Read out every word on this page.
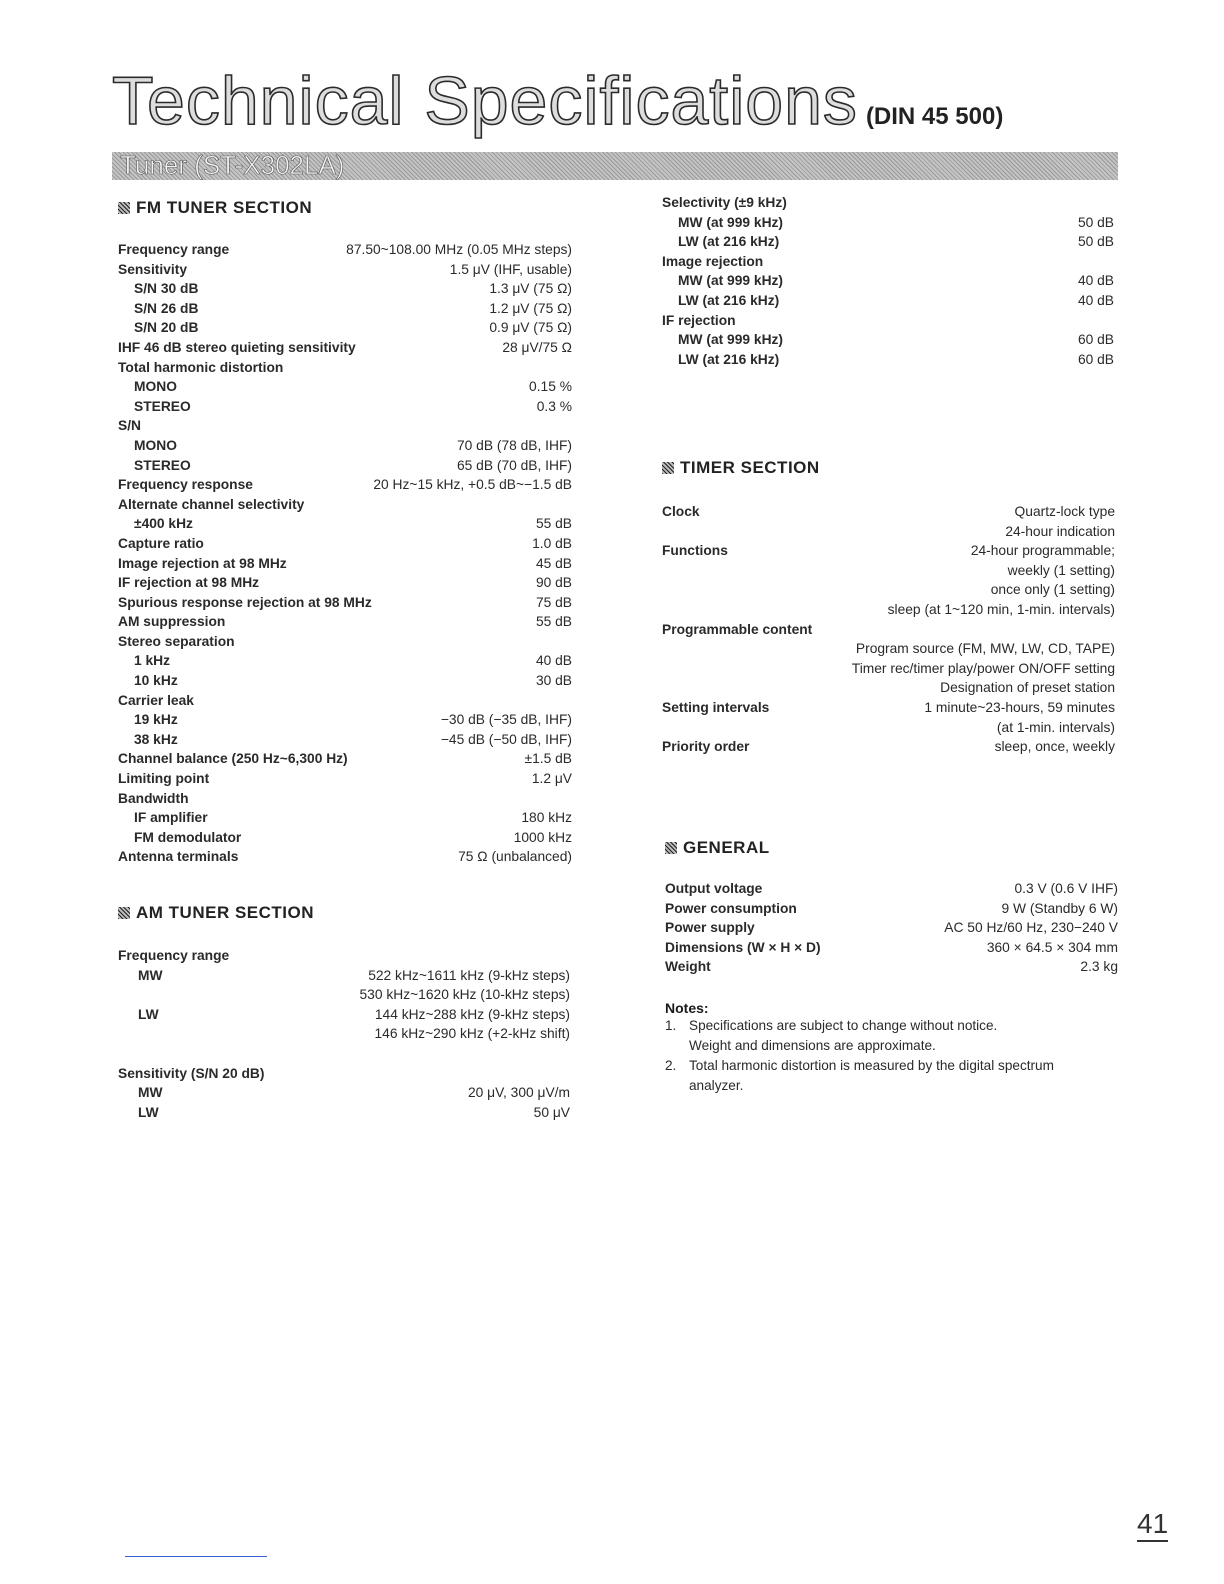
Technical Specifications (DIN 45 500)
Tuner (ST-X302LA)
FM TUNER SECTION
Frequency range	87.50~108.00 MHz (0.05 MHz steps)
Sensitivity	1.5 μV (IHF, usable)
S/N 30 dB	1.3 μV (75 Ω)
S/N 26 dB	1.2 μV (75 Ω)
S/N 20 dB	0.9 μV (75 Ω)
IHF 46 dB stereo quieting sensitivity	28 μV/75 Ω
Total harmonic distortion
MONO	0.15 %
STEREO	0.3 %
S/N
MONO	70 dB (78 dB, IHF)
STEREO	65 dB (70 dB, IHF)
Frequency response	20 Hz~15 kHz, +0.5 dB~−1.5 dB
Alternate channel selectivity
±400 kHz	55 dB
Capture ratio	1.0 dB
Image rejection at 98 MHz	45 dB
IF rejection at 98 MHz	90 dB
Spurious response rejection at 98 MHz	75 dB
AM suppression	55 dB
Stereo separation
1 kHz	40 dB
10 kHz	30 dB
Carrier leak
19 kHz	−30 dB (−35 dB, IHF)
38 kHz	−45 dB (−50 dB, IHF)
Channel balance (250 Hz~6,300 Hz)	±1.5 dB
Limiting point	1.2 μV
Bandwidth
IF amplifier	180 kHz
FM demodulator	1000 kHz
Antenna terminals	75 Ω (unbalanced)
AM TUNER SECTION
Frequency range
MW	522 kHz~1611 kHz (9-kHz steps)
530 kHz~1620 kHz (10-kHz steps)
LW	144 kHz~288 kHz (9-kHz steps)
146 kHz~290 kHz (+2-kHz shift)
Sensitivity (S/N 20 dB)
MW	20 μV, 300 μV/m
LW	50 μV
Selectivity (±9 kHz)
MW (at 999 kHz)	50 dB
LW (at 216 kHz)	50 dB
Image rejection
MW (at 999 kHz)	40 dB
LW (at 216 kHz)	40 dB
IF rejection
MW (at 999 kHz)	60 dB
LW (at 216 kHz)	60 dB
TIMER SECTION
Clock	Quartz-lock type
24-hour indication
Functions	24-hour programmable;
weekly (1 setting)
once only (1 setting)
sleep (at 1~120 min, 1-min. intervals)
Programmable content
Program source (FM, MW, LW, CD, TAPE)
Timer rec/timer play/power ON/OFF setting
Designation of preset station
Setting intervals	1 minute~23-hours, 59 minutes
(at 1-min. intervals)
Priority order	sleep, once, weekly
GENERAL
Output voltage	0.3 V (0.6 V IHF)
Power consumption	9 W (Standby 6 W)
Power supply	AC 50 Hz/60 Hz, 230−240 V
Dimensions (W × H × D)	360 × 64.5 × 304 mm
Weight	2.3 kg
Notes:
1. Specifications are subject to change without notice.
Weight and dimensions are approximate.
2. Total harmonic distortion is measured by the digital spectrum
analyzer.
41
